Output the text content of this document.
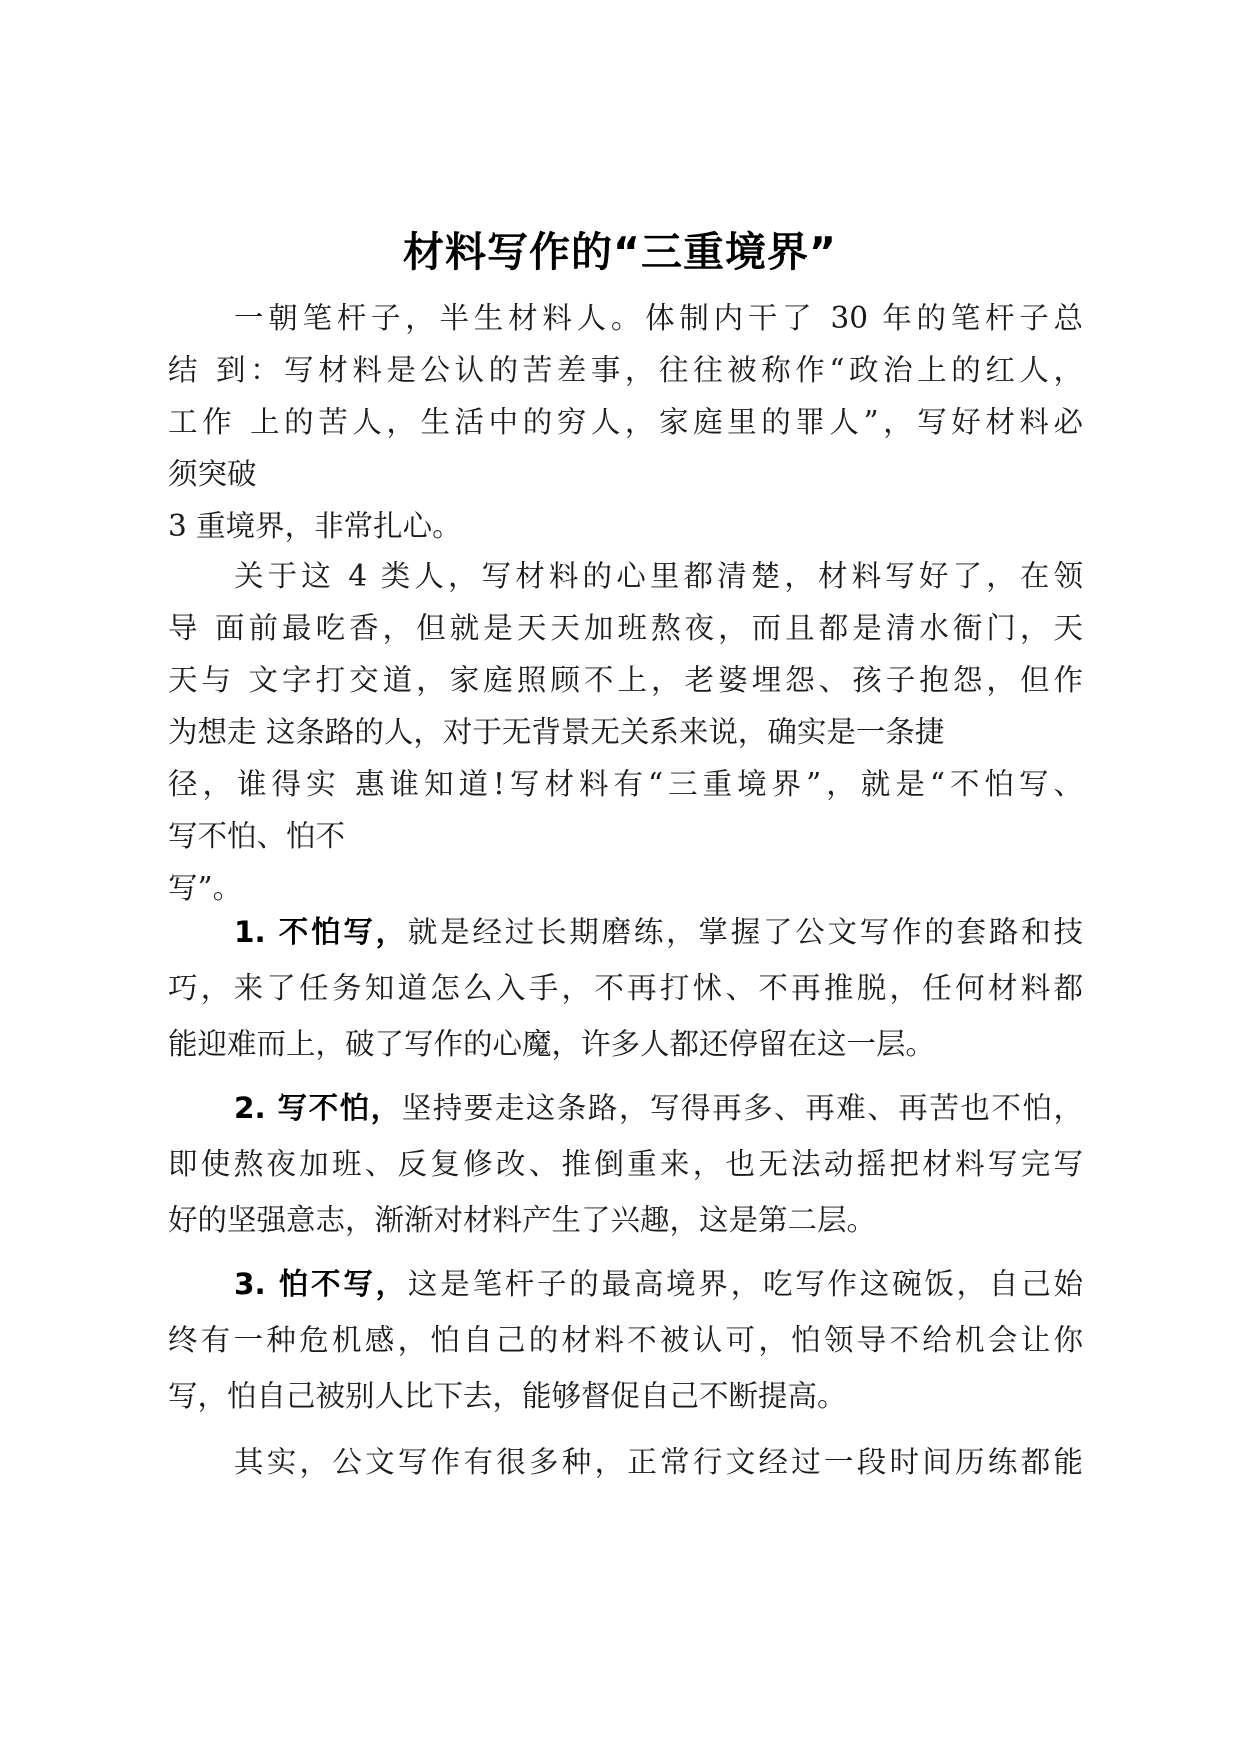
材料写作的“三重境界”
一朝笔杆子，半生材料人。体制内干了 30 年的笔杆子总
结 到：写材料是公认的苦差事，往往被称作“政治上的红人，
工作 上的苦人，生活中的穷人，家庭里的罪人”，写好材料必
须突破
3 重境界，非常扎心。
关于这 4 类人，写材料的心里都清楚，材料写好了，在领
导 面前最吃香，但就是天天加班熬夜，而且都是清水衙门，天
天与 文字打交道，家庭照顾不上，老婆埋怨、孩子抱怨，但作
为想走 这条路的人，对于无背景无关系来说，确实是一条捷
径，谁得实 惠谁知道!写材料有“三重境界”，就是“不怕写、
写不怕、怕不
写”。
1. 不怕写，就是经过长期磨练，掌握了公文写作的套路和技
巧，来了任务知道怎么入手，不再打怵、不再推脱，任何材料都
能迎难而上，破了写作的心魔，许多人都还停留在这一层。
2. 写不怕，坚持要走这条路，写得再多、再难、再苦也不怕，
即使熬夜加班、反复修改、推倒重来，也无法动摇把材料写完写
好的坚强意志，渐渐对材料产生了兴趣，这是第二层。
3. 怕不写，这是笔杆子的最高境界，吃写作这碗饭，自己始
终有一种危机感，怕自己的材料不被认可，怕领导不给机会让你
写，怕自己被别人比下去，能够督促自己不断提高。
其实，公文写作有很多种，正常行文经过一段时间历练都能
